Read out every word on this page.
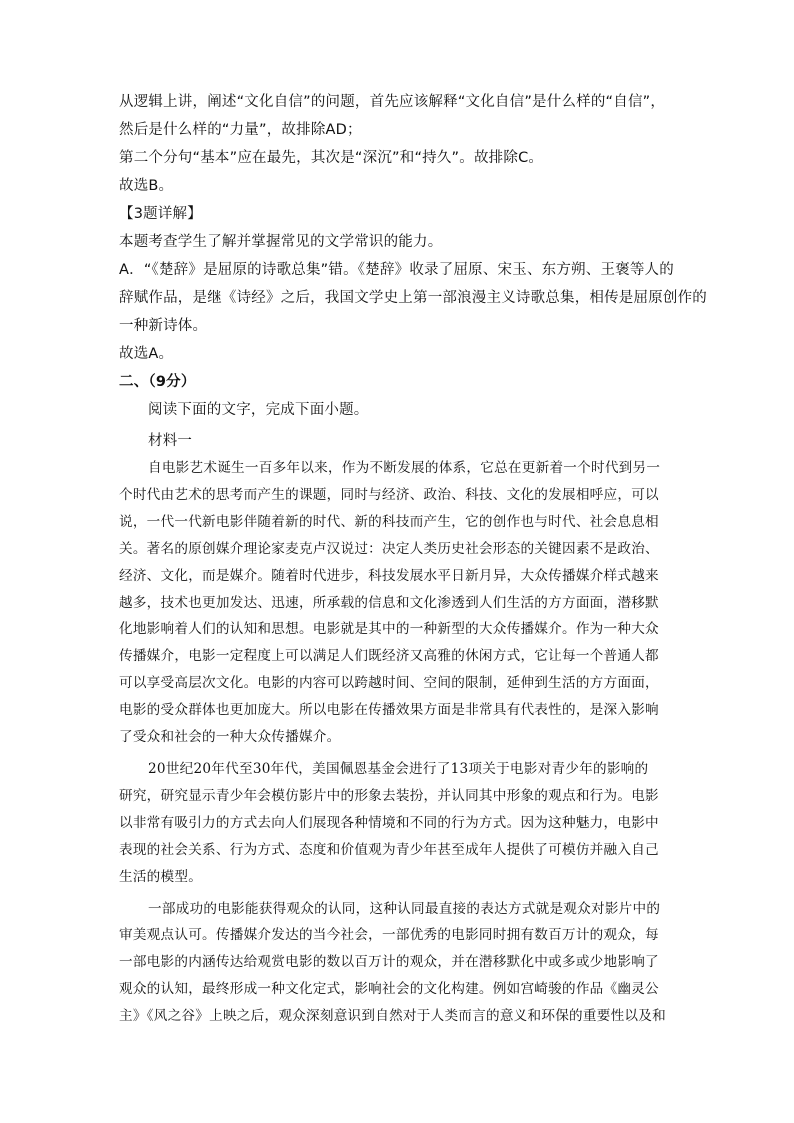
从逻辑上讲，阐述“文化自信”的问题，首先应该解释“文化自信”是什么样的“自信”，

然后是什么样的“力量”，故排除AD；

第二个分句“基本”应在最先，其次是“深沉”和“持久”。故排除C。

故选B。

【3题详解】

本题考查学生了解并掌握常见的文学常识的能力。

A．“《楚辞》是屈原的诗歌总集”错。《楚辞》收录了屈原、宋玉、东方朔、王褒等人的

辞赋作品，是继《诗经》之后，我国文学史上第一部浪漫主义诗歌总集，相传是屈原创作的

一种新诗体。

故选A。

二、（9分）

阅读下面的文字，完成下面小题。

材料一

自电影艺术诞生一百多年以来，作为不断发展的体系，它总在更新着一个时代到另一

个时代由艺术的思考而产生的课题，同时与经济、政治、科技、文化的发展相呼应，可以

说，一代一代新电影伴随着新的时代、新的科技而产生，它的创作也与时代、社会息息相

关。著名的原创媒介理论家麦克卢汉说过：决定人类历史社会形态的关键因素不是政治、

经济、文化，而是媒介。随着时代进步，科技发展水平日新月异，大众传播媒介样式越来

越多，技术也更加发达、迅速，所承载的信息和文化渗透到人们生活的方方面面，潜移默

化地影响着人们的认知和思想。电影就是其中的一种新型的大众传播媒介。作为一种大众

传播媒介，电影一定程度上可以满足人们既经济又高雅的休闲方式，它让每一个普通人都

可以享受高层次文化。电影的内容可以跨越时间、空间的限制，延伸到生活的方方面面，

电影的受众群体也更加庞大。所以电影在传播效果方面是非常具有代表性的，是深入影响

了受众和社会的一种大众传播媒介。

20世纪20年代至30年代，美国佩恩基金会进行了13项关于电影对青少年的影响的

研究，研究显示青少年会模仿影片中的形象去装扮，并认同其中形象的观点和行为。电影

以非常有吸引力的方式去向人们展现各种情境和不同的行为方式。因为这种魅力，电影中

表现的社会关系、行为方式、态度和价值观为青少年甚至成年人提供了可模仿并融入自己

生活的模型。

一部成功的电影能获得观众的认同，这种认同最直接的表达方式就是观众对影片中的

审美观点认可。传播媒介发达的当今社会，一部优秀的电影同时拥有数百万计的观众，每

一部电影的内涵传达给观赏电影的数以百万计的观众，并在潜移默化中或多或少地影响了

观众的认知，最终形成一种文化定式，影响社会的文化构建。例如宫崎骏的作品《幽灵公

主》《风之谷》上映之后，观众深刻意识到自然对于人类而言的意义和环保的重要性以及和
